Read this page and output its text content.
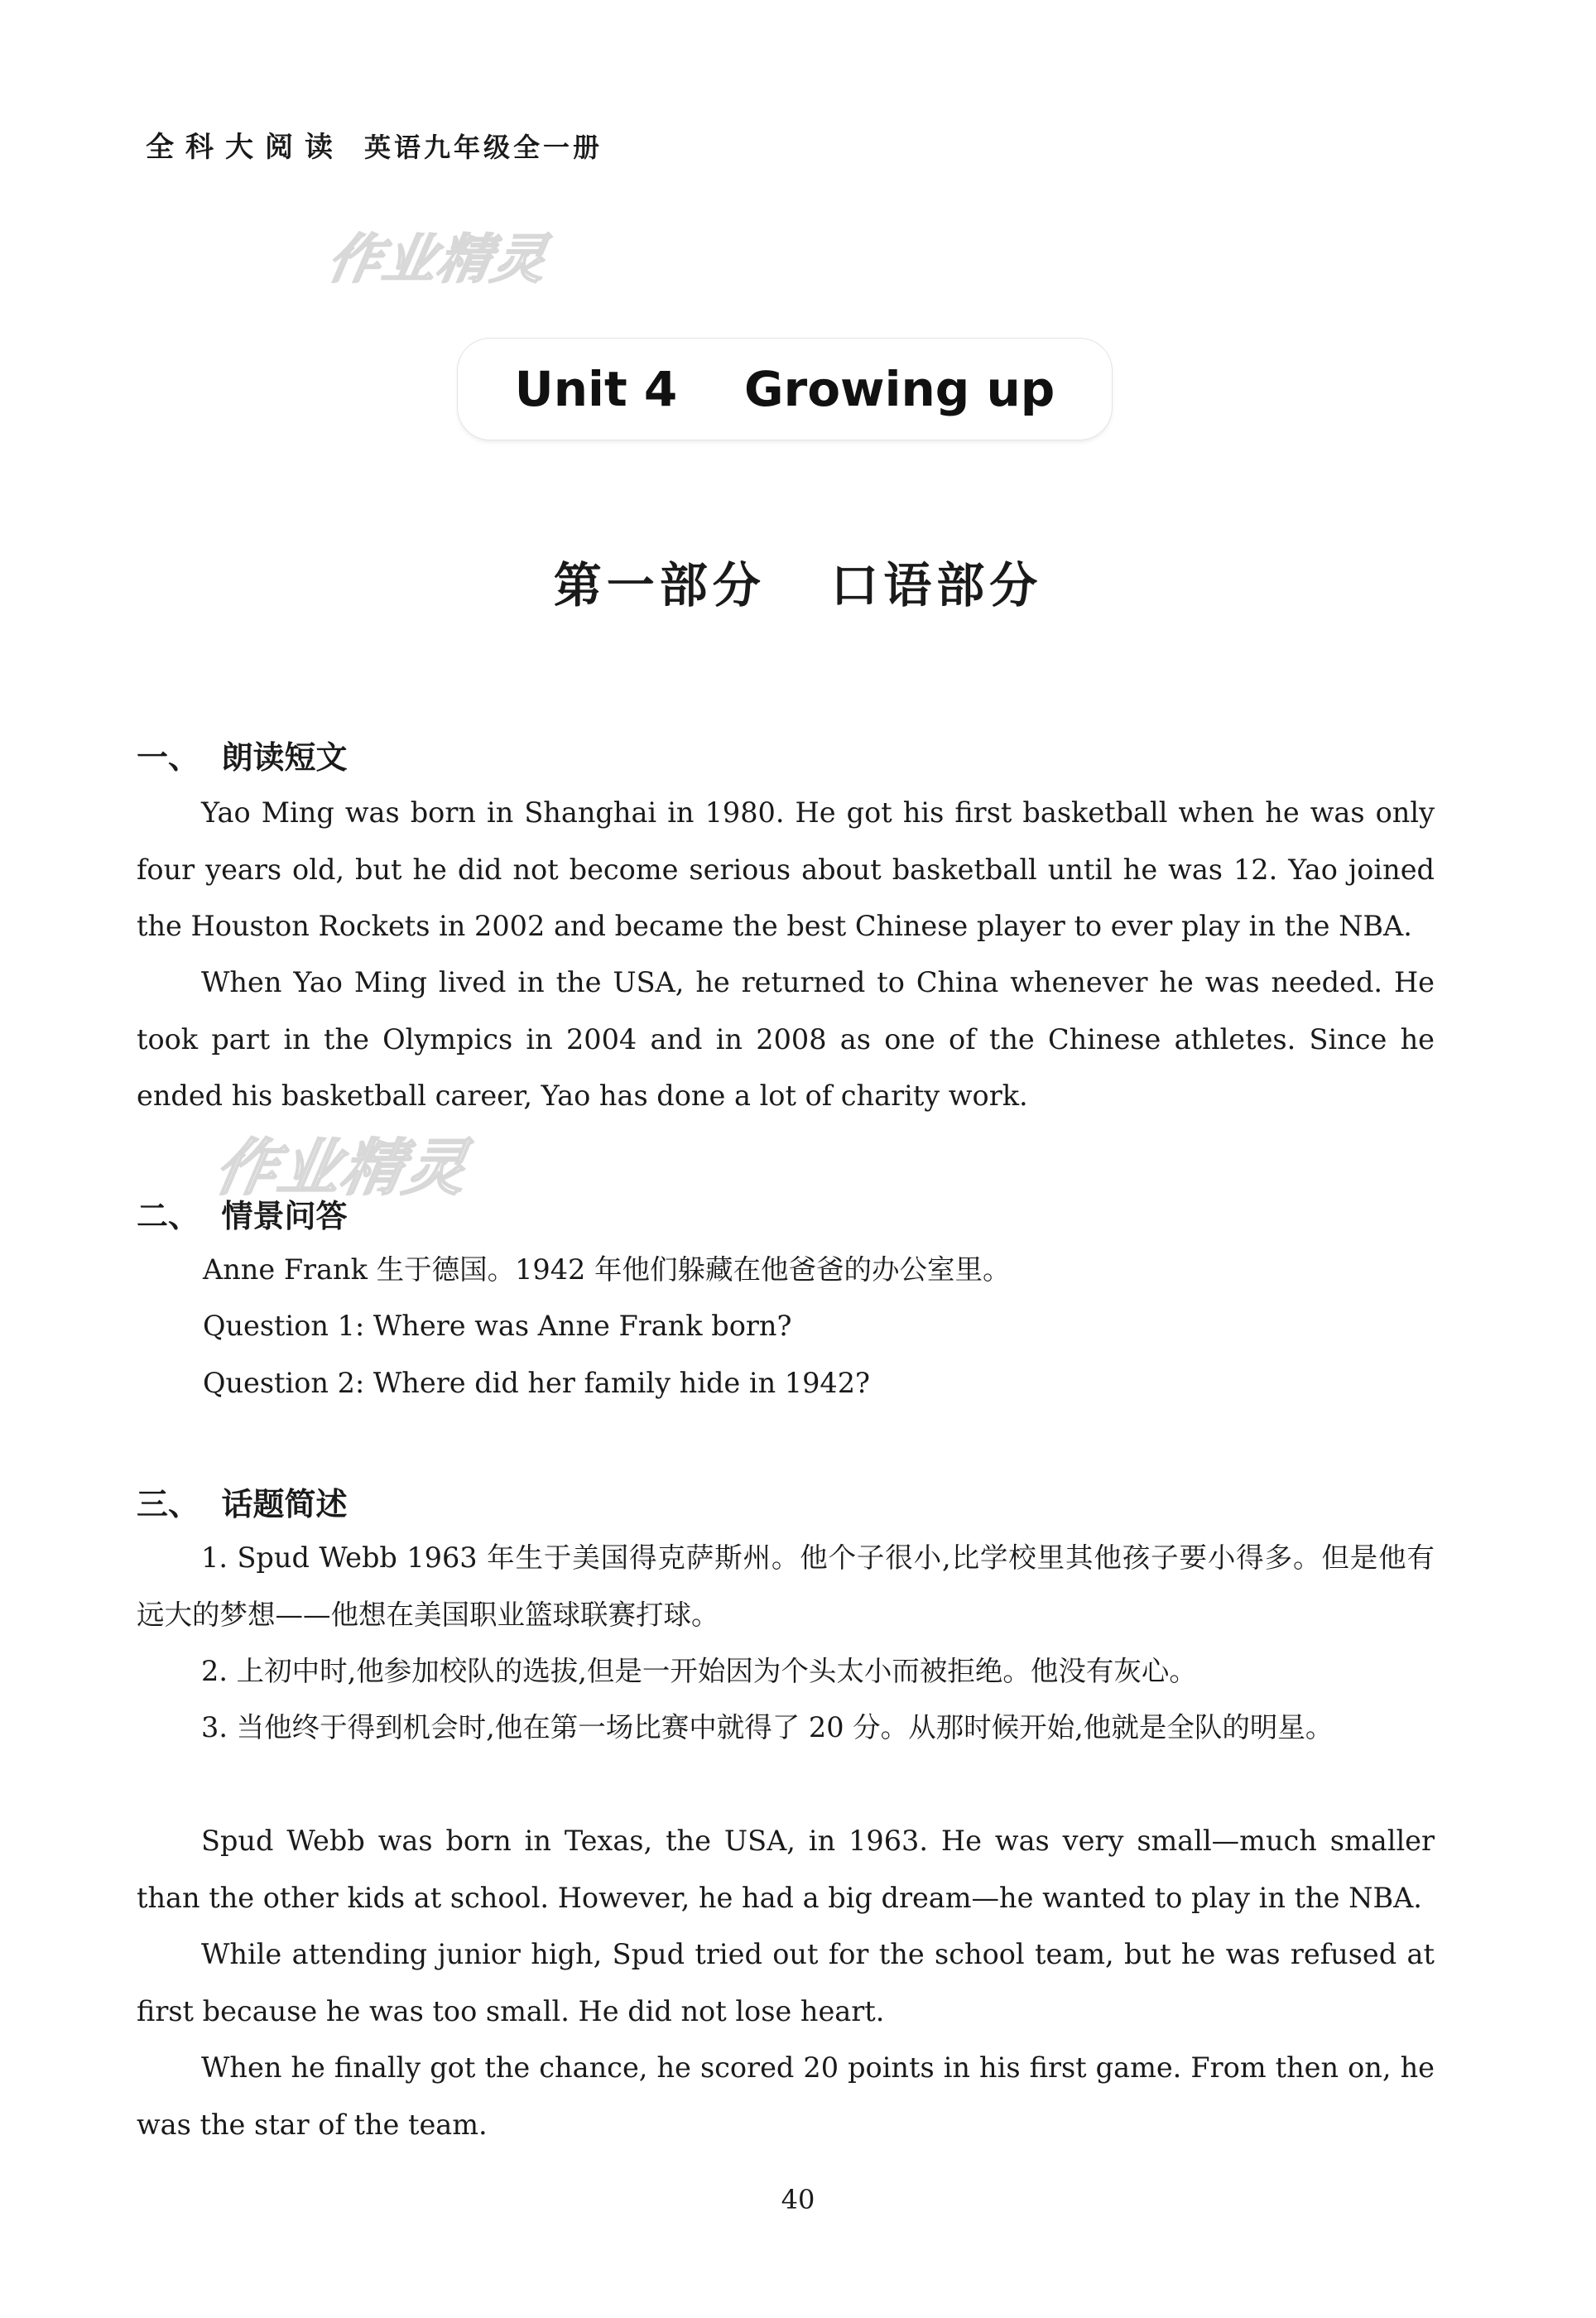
全科大阅读 英语九年级全一册
作业精灵
Unit 4    Growing up
第一部分   口语部分
一、  朗读短文
Yao Ming was born in Shanghai in 1980. He got his first basketball when he was only four years old, but he did not become serious about basketball until he was 12. Yao joined the Houston Rockets in 2002 and became the best Chinese player to ever play in the NBA.
When Yao Ming lived in the USA, he returned to China whenever he was needed. He took part in the Olympics in 2004 and in 2008 as one of the Chinese athletes. Since he ended his basketball career, Yao has done a lot of charity work.
作业精灵
二、  情景问答
Anne Frank 生于德国。1942 年他们躲藏在他爸爸的办公室里。
Question 1: Where was Anne Frank born?
Question 2: Where did her family hide in 1942?
三、  话题简述
1. Spud Webb 1963 年生于美国得克萨斯州。他个子很小,比学校里其他孩子要小得多。但是他有远大的梦想——他想在美国职业篮球联赛打球。
2. 上初中时,他参加校队的选拔,但是一开始因为个头太小而被拒绝。他没有灰心。
3. 当他终于得到机会时,他在第一场比赛中就得了 20 分。从那时候开始,他就是全队的明星。
Spud Webb was born in Texas, the USA, in 1963. He was very small—much smaller than the other kids at school. However, he had a big dream—he wanted to play in the NBA.
While attending junior high, Spud tried out for the school team, but he was refused at first because he was too small. He did not lose heart.
When he finally got the chance, he scored 20 points in his first game. From then on, he was the star of the team.
40
